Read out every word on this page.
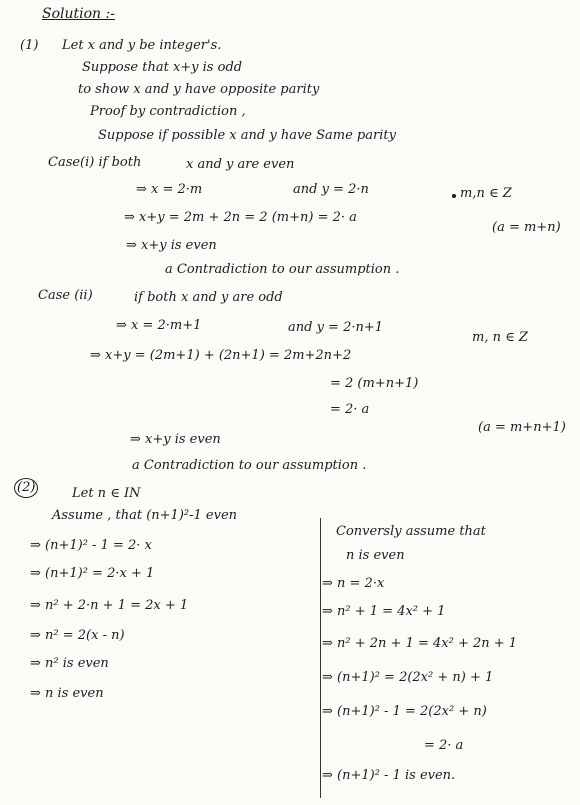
Solution :-
(1) Let x and y be integer's.
Suppose that x+y is odd
to show x and y have opposite parity
Proof by contradiction ,
Suppose if possible x and y have Same parity
Case(i) if both	x and y are even
⇒ x = 2·m	and y = 2·n	m,n ∈ Z
⇒ x+y = 2m + 2n = 2 (m+n) = 2· a
(a = m+n)
⇒ x+y is even
a Contradiction to our assumption .
Case (ii)	if both x and y are odd
⇒ x = 2·m+1	and y = 2·n+1
m, n ∈ Z
⇒ x+y = (2m+1) + (2n+1) = 2m+2n+2
= 2 (m+n+1)
= 2· a
(a = m+n+1)
⇒ x+y is even
a Contradiction to our assumption .
(2)	Let n ∈ IN
Assume , that (n+1)²-1 even
⇒ (n+1)² - 1 = 2· x
⇒ (n+1)² = 2·x + 1
⇒ n² + 2·n + 1 = 2x + 1
⇒ n² = 2(x - n)
⇒ n² is even
⇒ n is even
Conversly assume that
n is even
⇒ n = 2·x
⇒ n² + 1 = 4x² + 1
⇒ n² + 2n + 1 = 4x² + 2n + 1
⇒ (n+1)² = 2(2x² + n) + 1
⇒ (n+1)² - 1 = 2(2x² + n)
= 2· a
⇒ (n+1)² - 1 is even.
